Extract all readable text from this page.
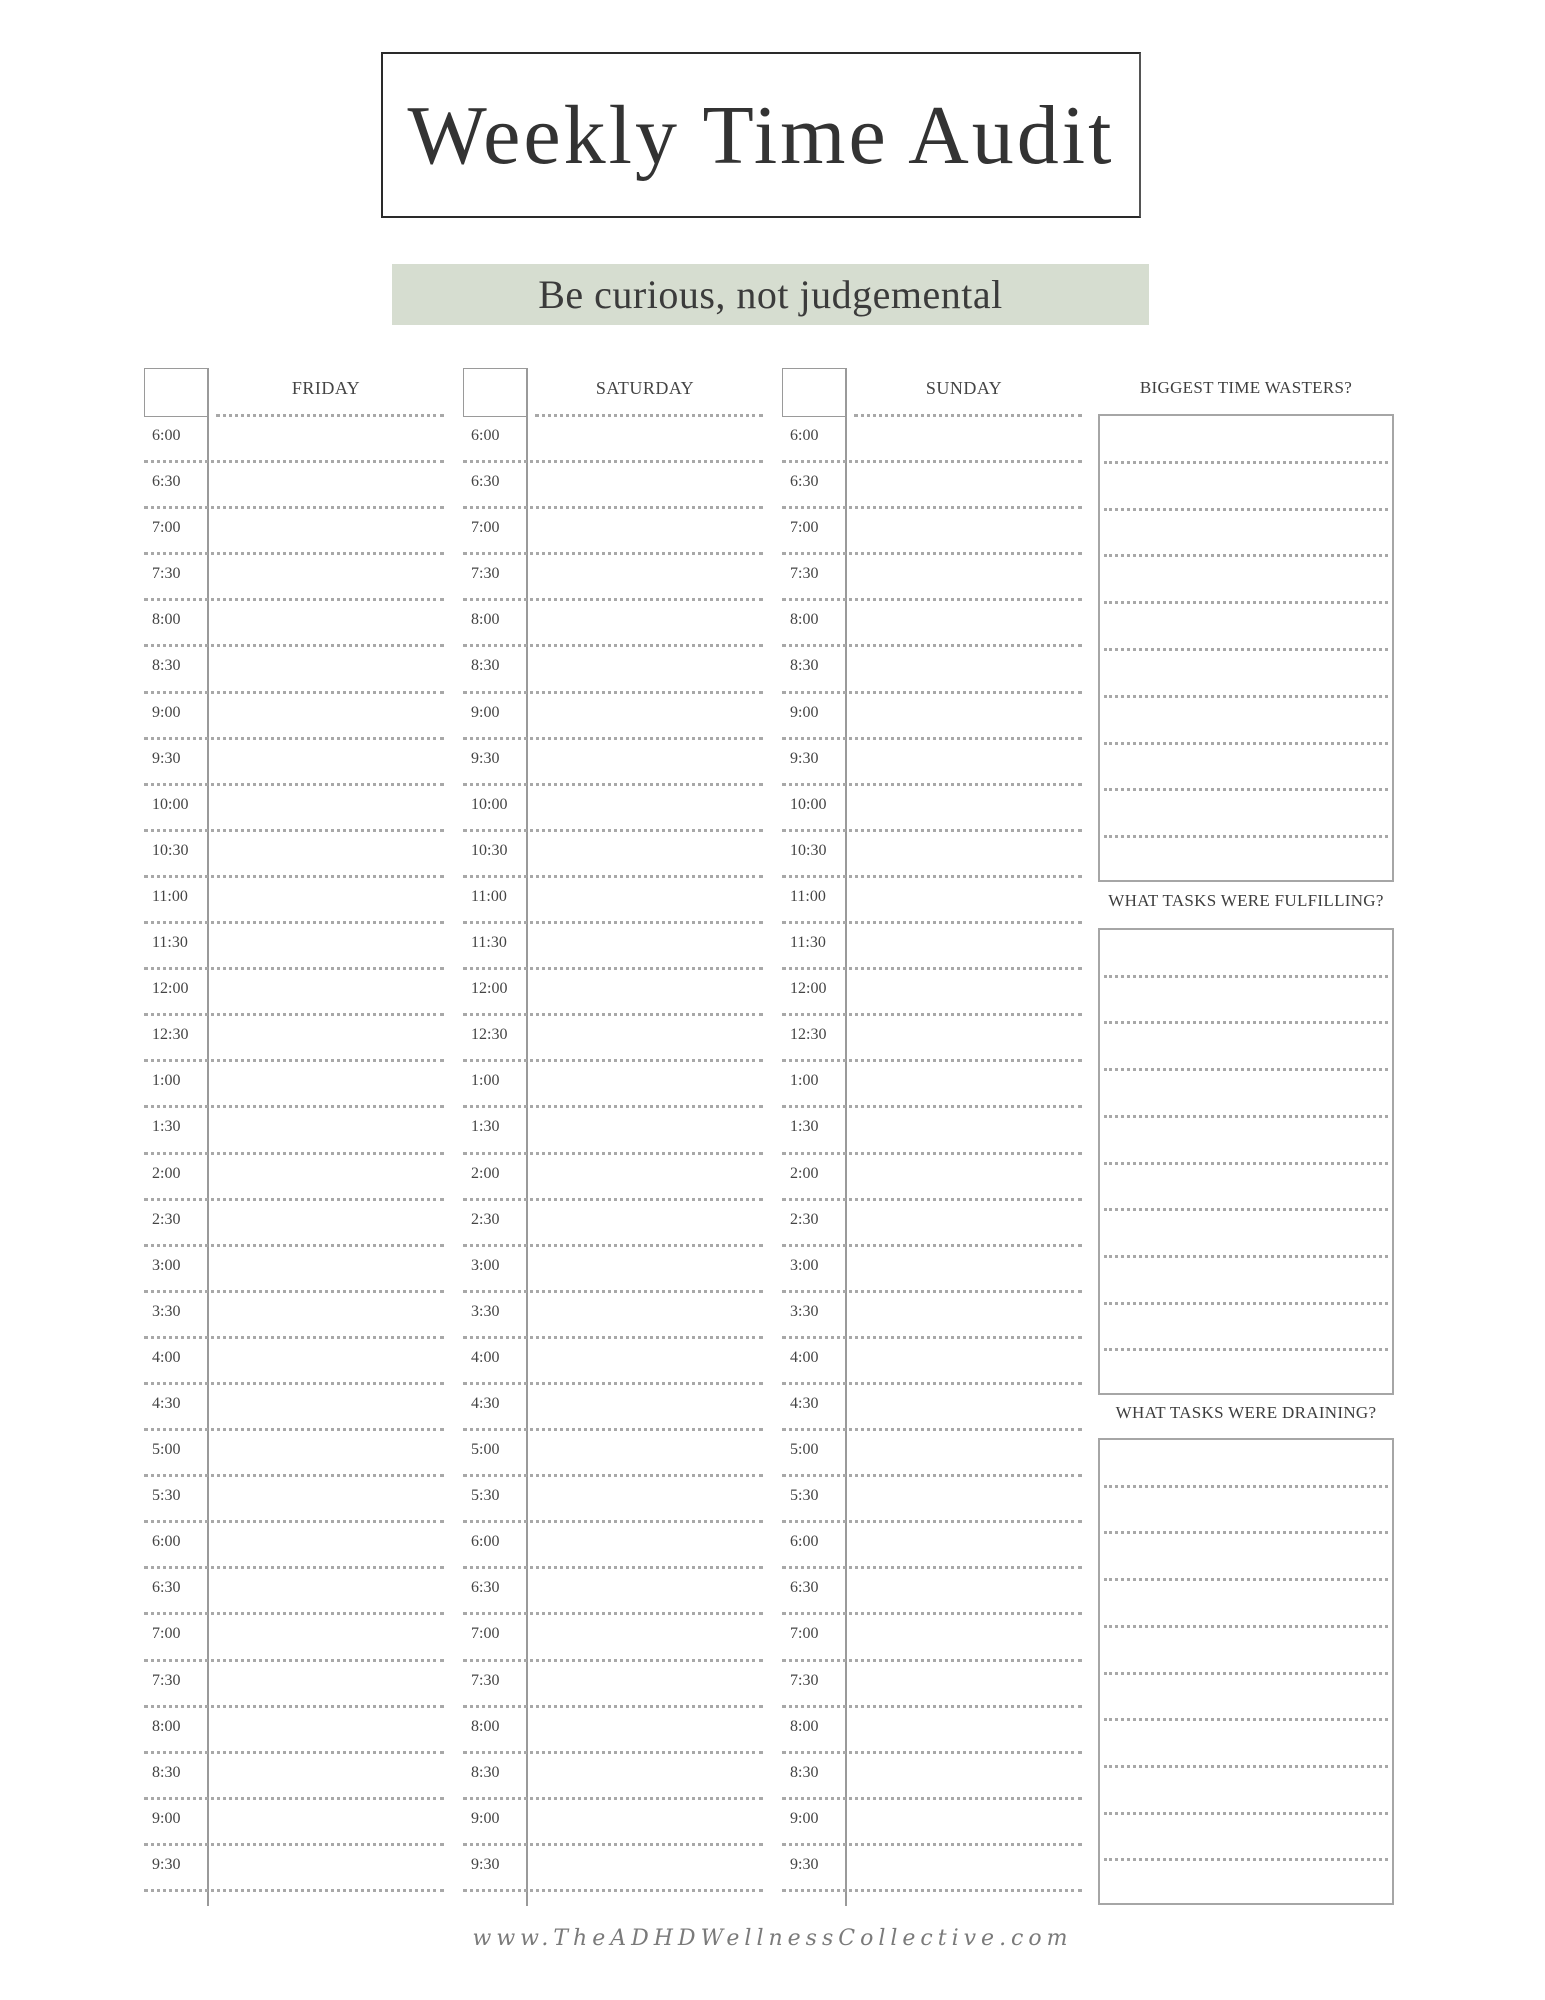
Weekly Time Audit
Be curious, not judgemental
FRIDAY
6:00
6:30
7:00
7:30
8:00
8:30
9:00
9:30
10:00
10:30
11:00
11:30
12:00
12:30
1:00
1:30
2:00
2:30
3:00
3:30
4:00
4:30
5:00
5:30
6:00
6:30
7:00
7:30
8:00
8:30
9:00
9:30
SATURDAY
6:00
6:30
7:00
7:30
8:00
8:30
9:00
9:30
10:00
10:30
11:00
11:30
12:00
12:30
1:00
1:30
2:00
2:30
3:00
3:30
4:00
4:30
5:00
5:30
6:00
6:30
7:00
7:30
8:00
8:30
9:00
9:30
SUNDAY
6:00
6:30
7:00
7:30
8:00
8:30
9:00
9:30
10:00
10:30
11:00
11:30
12:00
12:30
1:00
1:30
2:00
2:30
3:00
3:30
4:00
4:30
5:00
5:30
6:00
6:30
7:00
7:30
8:00
8:30
9:00
9:30
BIGGEST TIME WASTERS?
WHAT TASKS WERE FULFILLING?
WHAT TASKS WERE DRAINING?
www.TheADHDWellnessCollective.com
